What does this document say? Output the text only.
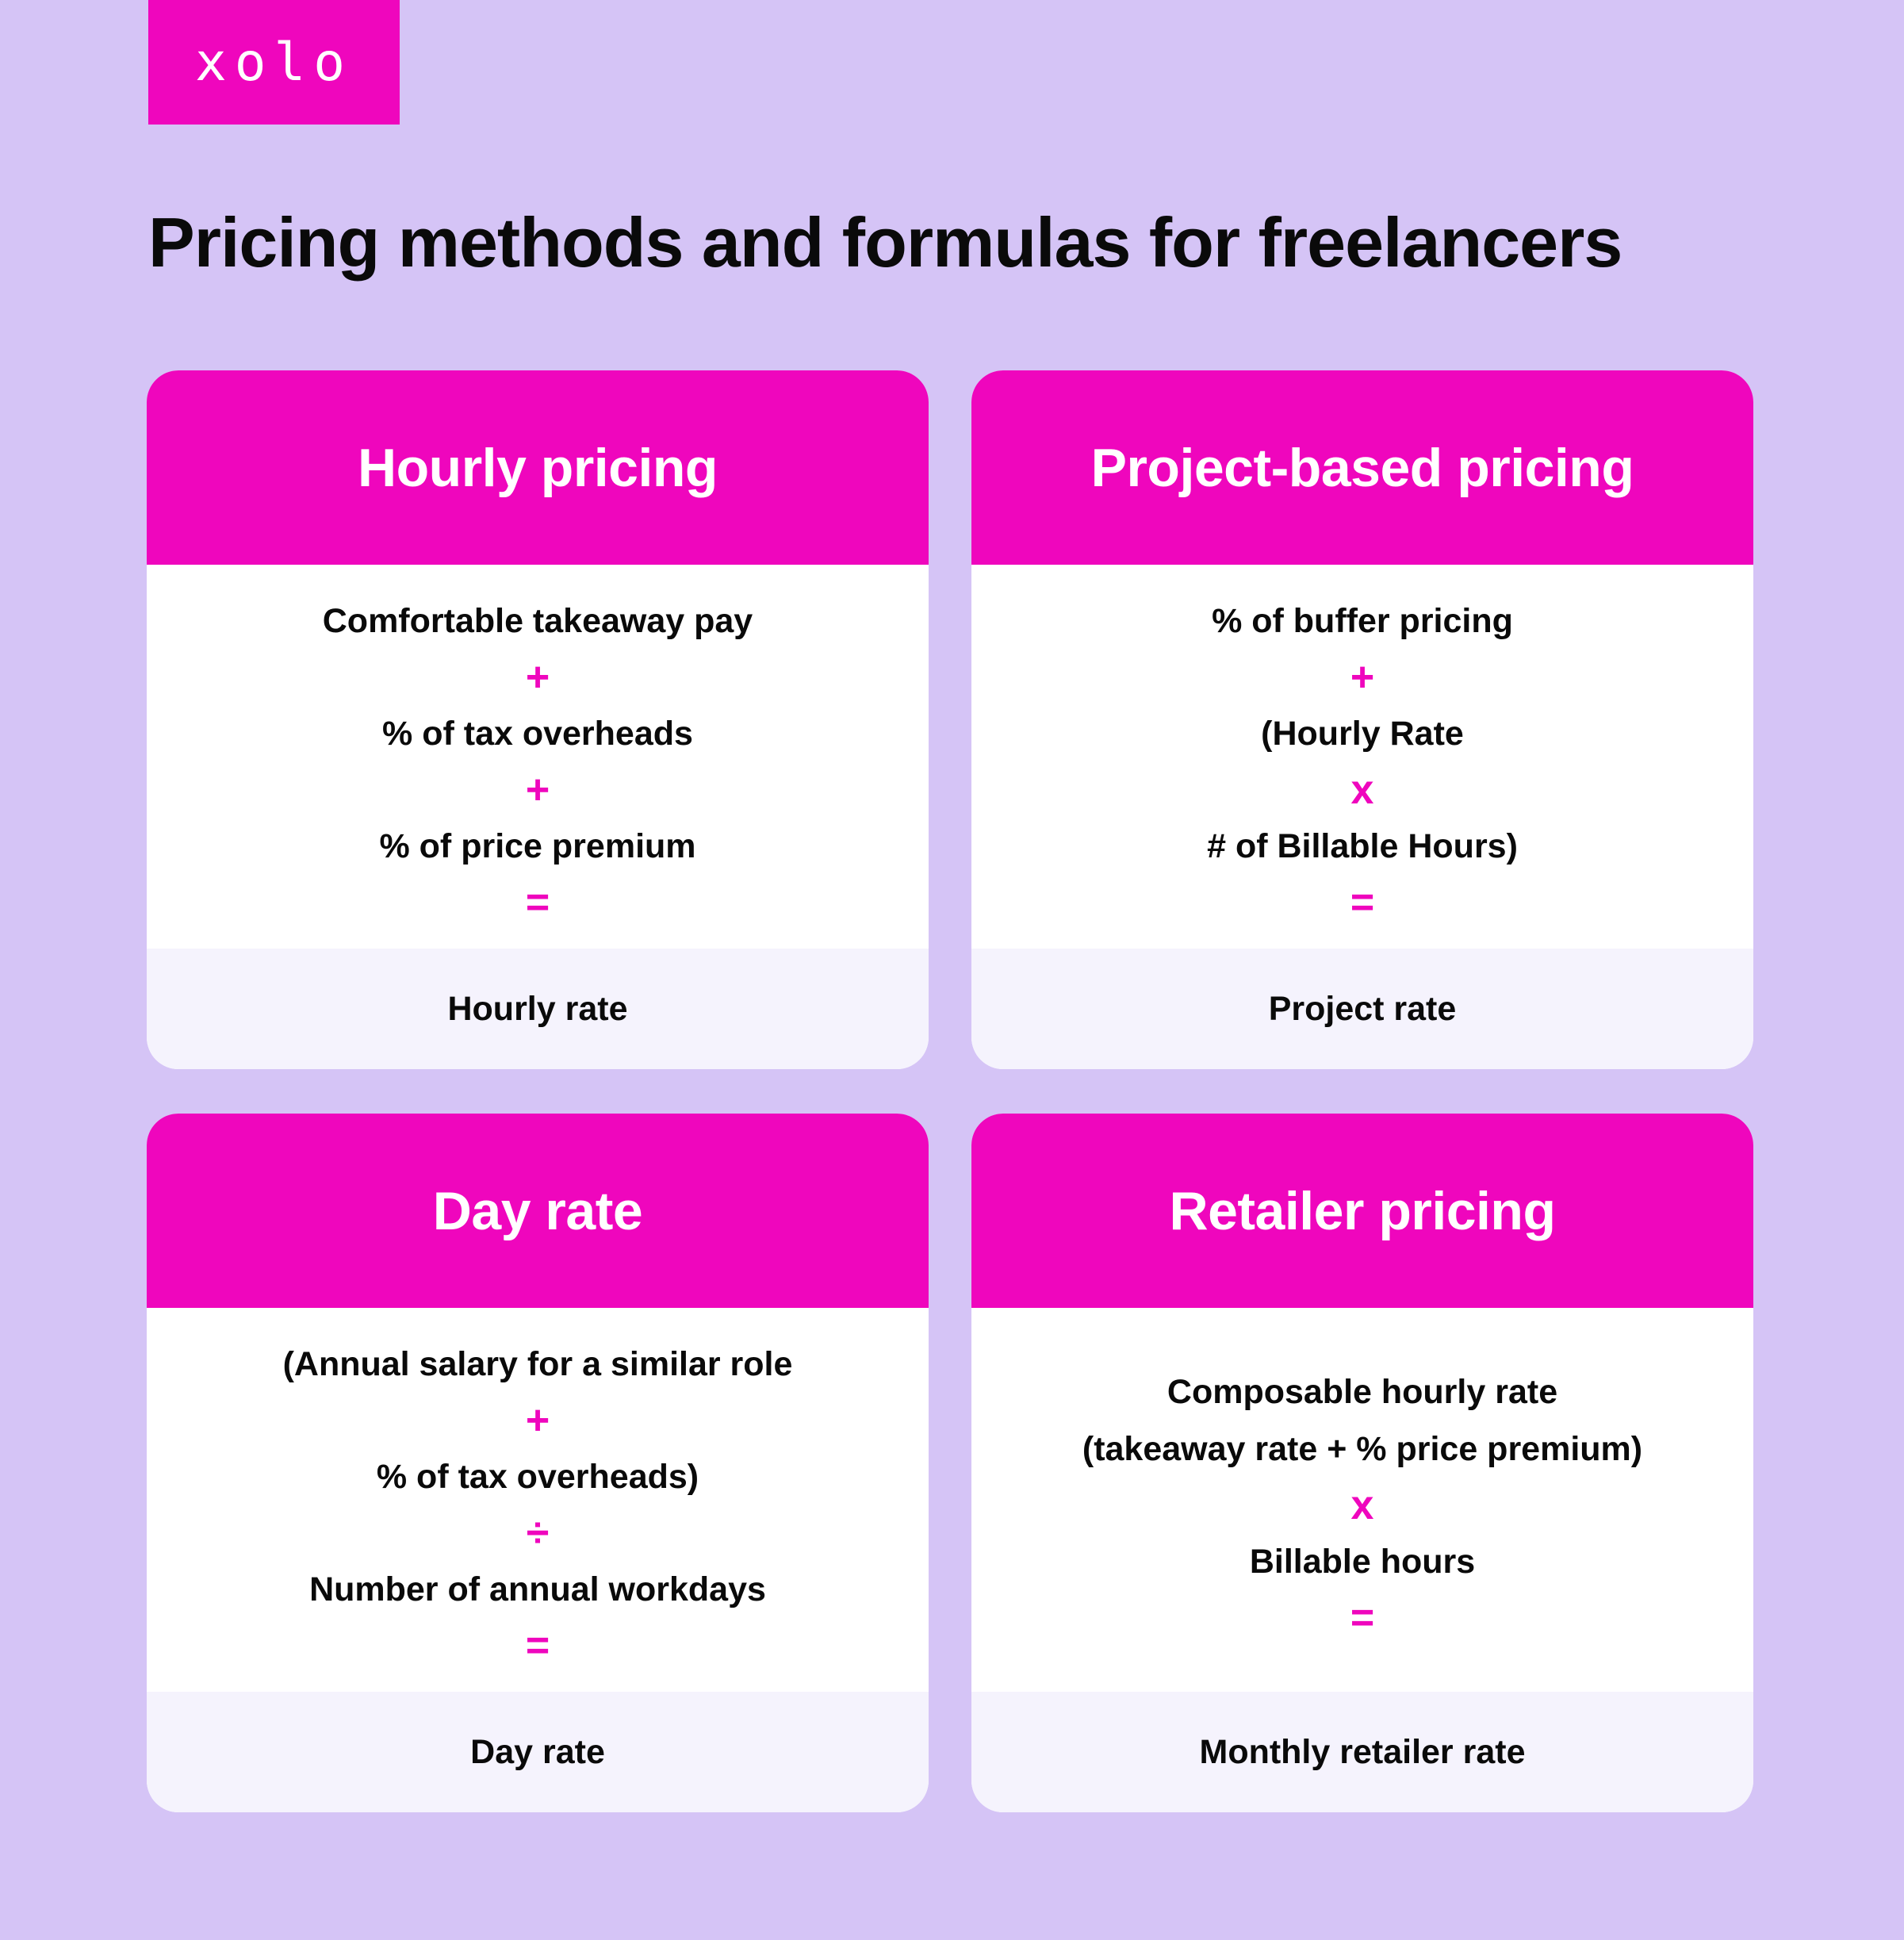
xolo
Pricing methods and formulas for freelancers
Hourly pricing
Comfortable takeaway pay
+
% of tax overheads
+
% of price premium
=
Hourly rate
Project-based pricing
% of buffer pricing
+
(Hourly Rate
x
# of Billable Hours)
=
Project rate
Day rate
(Annual salary for a similar role
+
% of tax overheads)
÷
Number of annual workdays
=
Day rate
Retailer pricing
Composable hourly rate
(takeaway rate + % price premium)
x
Billable hours
=
Monthly retailer rate
